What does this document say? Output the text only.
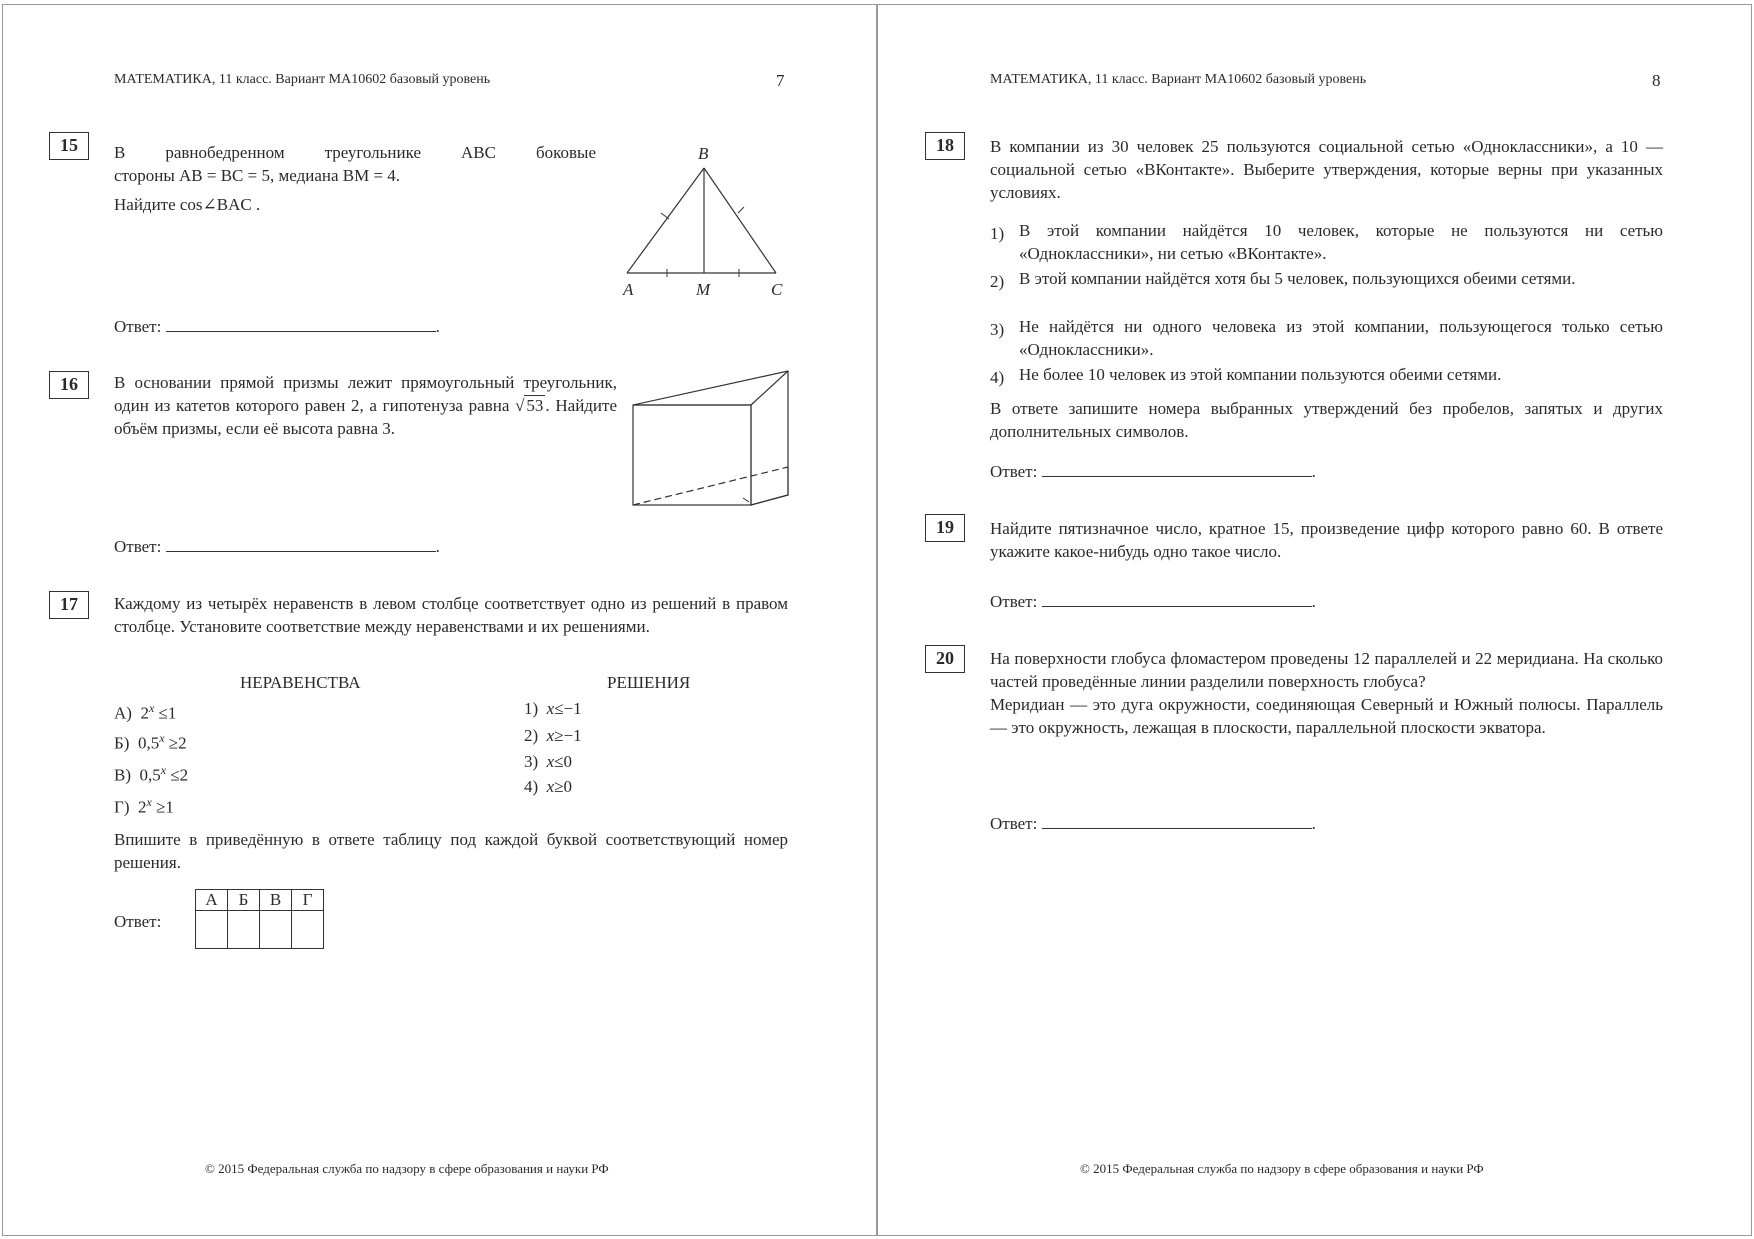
МАТЕМАТИКА, 11 класс. Вариант МА10602 базовый уровень	7
15	В равнобедренном треугольнике ABC боковые
стороны AB = BC = 5, медиана BM = 4.
Найдите cos∠BAC .
B
A	M	C
Ответ:	.
16	В основании прямой призмы лежит прямоугольный треугольник, один из катетов которого равен 2, а гипотенуза равна √ 53 . Найдите объём призмы, если её высота равна 3.
Ответ:	.
17	Каждому из четырёх неравенств в левом столбце соответствует одно из решений в правом столбце. Установите соответствие между неравенствами и их решениями.
НЕРАВЕНСТВА	РЕШЕНИЯ
А) $2^x \le 1$
Б) $0,5^x \ge 2$
В) $0,5^x \le 2$
Г) $2^x \ge 1$
1) x≤−1
2) x≥−1
3) x≤0
4) x≥0
Впишите в приведённую в ответе таблицу под каждой буквой соответствующий номер решения.
Ответ:
А	Б	В	Г

© 2015 Федеральная служба по надзору в сфере образования и науки РФ
МАТЕМАТИКА, 11 класс. Вариант МА10602 базовый уровень	8
18	В компании из 30 человек 25 пользуются социальной сетью «Одноклассники», а 10 — социальной сетью «ВКонтакте». Выберите утверждения, которые верны при указанных условиях.
1) В этой компании найдётся 10 человек, которые не пользуются ни сетью «Одноклассники», ни сетью «ВКонтакте».
2) В этой компании найдётся хотя бы 5 человек, пользующихся обеими сетями.
3) Не найдётся ни одного человека из этой компании, пользующегося только сетью «Одноклассники».
4) Не более 10 человек из этой компании пользуются обеими сетями.
В ответе запишите номера выбранных утверждений без пробелов, запятых и других дополнительных символов.
Ответ:	.
19	Найдите пятизначное число, кратное 15, произведение цифр которого равно 60. В ответе укажите какое-нибудь одно такое число.
Ответ:	.
20	На поверхности глобуса фломастером проведены 12 параллелей и 22 меридиана. На сколько частей проведённые линии разделили поверхность глобуса?
Меридиан — это дуга окружности, соединяющая Северный и Южный полюсы. Параллель — это окружность, лежащая в плоскости, параллельной плоскости экватора.
Ответ:	.
© 2015 Федеральная служба по надзору в сфере образования и науки РФ
